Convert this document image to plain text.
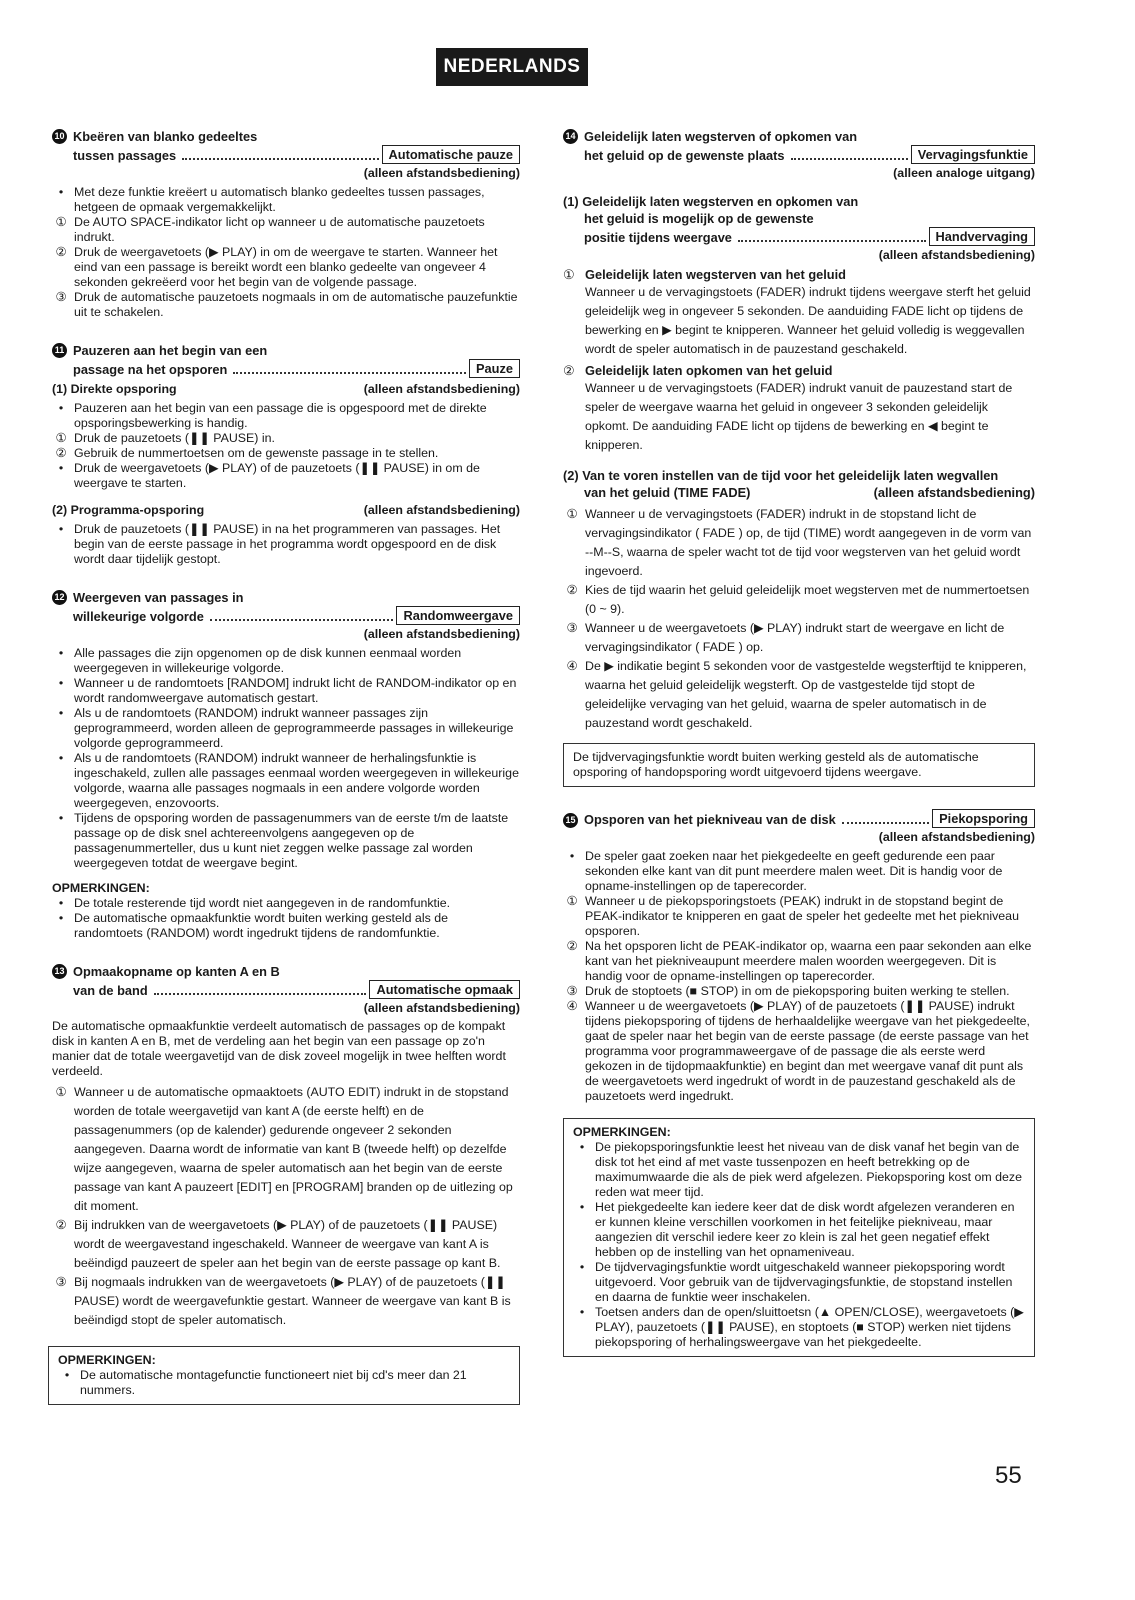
NEDERLANDS
10 Kbeëren van blanko gedeeltes
tussen passages	Automatische pauze
(alleen afstandsbediening)
• Met deze funktie kreëert u automatisch blanko gedeeltes tussen passages, hetgeen de opmaak vergemakkelijkt.
① De AUTO SPACE-indikator licht op wanneer u de automatische pauzetoets indrukt.
② Druk de weergavetoets (▶ PLAY) in om de weergave te starten. Wanneer het eind van een passage is bereikt wordt een blanko gedeelte van ongeveer 4 sekonden gekreëerd voor het begin van de volgende passage.
③ Druk de automatische pauzetoets nogmaals in om de automatische pauzefunktie uit te schakelen.
11 Pauzeren aan het begin van een
passage na het opsporen	Pauze
(1) Direkte opsporing	(alleen afstandsbediening)
• Pauzeren aan het begin van een passage die is opgespoord met de direkte opsporingsbewerking is handig.
① Druk de pauzetoets (❚❚ PAUSE) in.
② Gebruik de nummertoetsen om de gewenste passage in te stellen.
• Druk de weergavetoets (▶ PLAY) of de pauzetoets (❚❚ PAUSE) in om de weergave te starten.
(2) Programma-opsporing	(alleen afstandsbediening)
• Druk de pauzetoets (❚❚ PAUSE) in na het programmeren van passages. Het begin van de eerste passage in het programma wordt opgespoord en de disk wordt daar tijdelijk gestopt.
12 Weergeven van passages in
willekeurige volgorde	Randomweergave
(alleen afstandsbediening)
• Alle passages die zijn opgenomen op de disk kunnen eenmaal worden weergegeven in willekeurige volgorde.
• Wanneer u de randomtoets [RANDOM] indrukt licht de RANDOM-indikator op en wordt randomweergave automatisch gestart.
• Als u de randomtoets (RANDOM) indrukt wanneer passages zijn geprogrammeerd, worden alleen de geprogrammeerde passages in willekeurige volgorde geprogrammeerd.
• Als u de randomtoets (RANDOM) indrukt wanneer de herhalingsfunktie is ingeschakeld, zullen alle passages eenmaal worden weergegeven in willekeurige volgorde, waarna alle passages nogmaals in een andere volgorde worden weergegeven, enzovoorts.
• Tijdens de opsporing worden de passagenummers van de eerste t/m de laatste passage op de disk snel achtereenvolgens aangegeven op de passagenummerteller, dus u kunt niet zeggen welke passage zal worden weergegeven totdat de weergave begint.
OPMERKINGEN:
• De totale resterende tijd wordt niet aangegeven in de randomfunktie.
• De automatische opmaakfunktie wordt buiten werking gesteld als de randomtoets (RANDOM) wordt ingedrukt tijdens de randomfunktie.
13 Opmaakopname op kanten A en B
van de band	Automatische opmaak
(alleen afstandsbediening)

De automatische opmaakfunktie verdeelt automatisch de passages op de kompakt disk in kanten A en B, met de verdeling aan het begin van een passage op zo'n manier dat de totale weergavetijd van de disk zoveel mogelijk in twee helften wordt verdeeld.

① Wanneer u de automatische opmaaktoets (AUTO EDIT) indrukt in de stopstand worden de totale weergavetijd van kant A (de eerste helft) en de passagenummers (op de kalender) gedurende ongeveer 2 sekonden aangegeven. Daarna wordt de informatie van kant B (tweede helft) op dezelfde wijze aangegeven, waarna de speler automatisch aan het begin van de eerste passage van kant A pauzeert [EDIT] en [PROGRAM] branden op de uitlezing op dit moment.
② Bij indrukken van de weergavetoets (▶ PLAY) of de pauzetoets (❚❚ PAUSE) wordt de weergavestand ingeschakeld. Wanneer de weergave van kant A is beëindigd pauzeert de speler aan het begin van de eerste passage op kant B.
③ Bij nogmaals indrukken van de weergavetoets (▶ PLAY) of de pauzetoets (❚❚ PAUSE) wordt de weergavefunktie gestart. Wanneer de weergave van kant B is beëindigd stopt de speler automatisch.
OPMERKINGEN:
• De automatische montagefunctie functioneert niet bij cd's meer dan 21 nummers.
14 Geleidelijk laten wegsterven of opkomen van
het geluid op de gewenste plaats	Vervagingsfunktie
(alleen analoge uitgang)
(1) Geleidelijk laten wegsterven en opkomen van
het geluid is mogelijk op de gewenste
positie tijdens weergave	Handvervaging
(alleen afstandsbediening)
① Geleidelijk laten wegsterven van het geluid

Wanneer u de vervagingstoets (FADER) indrukt tijdens weergave sterft het geluid geleidelijk weg in ongeveer 5 sekonden. De aanduiding FADE licht op tijdens de bewerking en ▶ begint te knipperen. Wanneer het geluid volledig is weggevallen wordt de speler automatisch in de pauzestand geschakeld.

② Geleidelijk laten opkomen van het geluid

Wanneer u de vervagingstoets (FADER) indrukt vanuit de pauzestand start de speler de weergave waarna het geluid in ongeveer 3 sekonden geleidelijk opkomt. De aanduiding FADE licht op tijdens de bewerking en ◀ begint te knipperen.

(2) Van te voren instellen van de tijd voor het geleidelijk laten wegvallen
van het geluid (TIME FADE)	(alleen afstandsbediening)
① Wanneer u de vervagingstoets (FADER) indrukt in de stopstand licht de vervagingsindikator ( FADE ) op, de tijd (TIME) wordt aangegeven in de vorm van --M--S, waarna de speler wacht tot de tijd voor wegsterven van het geluid wordt ingevoerd.
② Kies de tijd waarin het geluid geleidelijk moet wegsterven met de nummertoetsen (0 ~ 9).
③ Wanneer u de weergavetoets (▶ PLAY) indrukt start de weergave en licht de vervagingsindikator ( FADE ) op.
④ De ▶ indikatie begint 5 sekonden voor de vastgestelde wegsterftijd te knipperen, waarna het geluid geleidelijk wegsterft. Op de vastgestelde tijd stopt de geleidelijke vervaging van het geluid, waarna de speler automatisch in de pauzestand wordt geschakeld.

De tijdvervagingsfunktie wordt buiten werking gesteld als de automatische opsporing of handopsporing wordt uitgevoerd tijdens weergave.

15 Opsporen van het piekniveau van de disk	Piekopsporing
(alleen afstandsbediening)
• De speler gaat zoeken naar het piekgedeelte en geeft gedurende een paar sekonden elke kant van dit punt meerdere malen weet. Dit is handig voor de opname-instellingen op de taperecorder.
① Wanneer u de piekopsporingstoets (PEAK) indrukt in de stopstand begint de PEAK-indikator te knipperen en gaat de speler het gedeelte met het piekniveau opsporen.
② Na het opsporen licht de PEAK-indikator op, waarna een paar sekonden aan elke kant van het piekniveaupunt meerdere malen woorden weergegeven. Dit is handig voor de opname-instellingen op taperecorder.
③ Druk de stoptoets (■ STOP) in om de piekopsporing buiten werking te stellen.
④ Wanneer u de weergavetoets (▶ PLAY) of de pauzetoets (❚❚ PAUSE) indrukt tijdens piekopsporing of tijdens de herhaaldelijke weergave van het piekgedeelte, gaat de speler naar het begin van de eerste passage (de eerste passage van het programma voor programmaweergave of de passage die als eerste werd gekozen in de tijdopmaakfunktie) en begint dan met weergave vanaf dit punt als de weergavetoets werd ingedrukt of wordt in de pauzestand geschakeld als de pauzetoets werd ingedrukt.
OPMERKINGEN:
• De piekopsporingsfunktie leest het niveau van de disk vanaf het begin van de disk tot het eind af met vaste tussenpozen en heeft betrekking op de maximumwaarde die als de piek werd afgelezen. Piekopsporing kost om deze reden wat meer tijd.
• Het piekgedeelte kan iedere keer dat de disk wordt afgelezen veranderen en er kunnen kleine verschillen voorkomen in het feitelijke piekniveau, maar aangezien dit verschil iedere keer zo klein is zal het geen negatief effekt hebben op de instelling van het opnameniveau.
• De tijdvervagingsfunktie wordt uitgeschakeld wanneer piekopsporing wordt uitgevoerd. Voor gebruik van de tijdvervagingsfunktie, de stopstand instellen en daarna de funktie weer inschakelen.
• Toetsen anders dan de open/sluittoetsn (▲ OPEN/CLOSE), weergavetoets (▶ PLAY), pauzetoets (❚❚ PAUSE), en stoptoets (■ STOP) werken niet tijdens piekopsporing of herhalingsweergave van het piekgedeelte.
55
